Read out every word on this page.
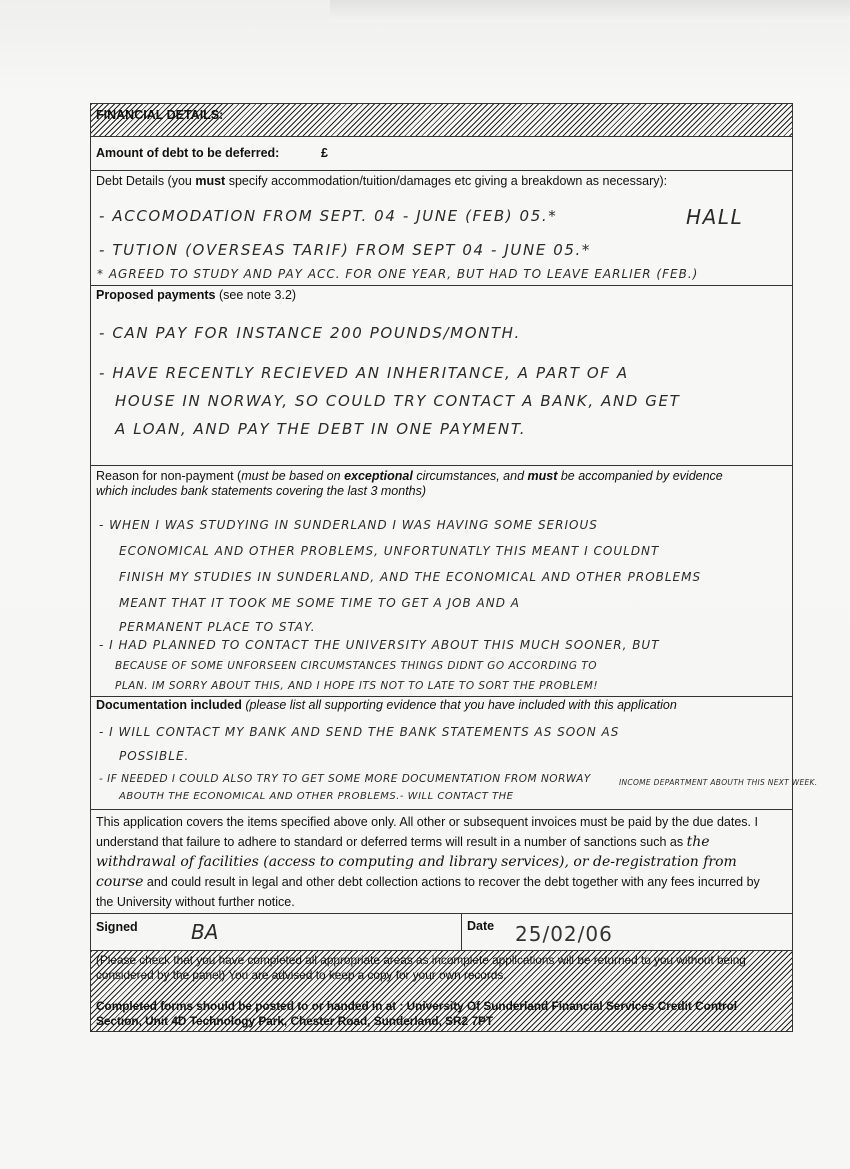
FINANCIAL DETAILS:
Amount of debt to be deferred:	£
Debt Details (you must specify accommodation/tuition/damages etc giving a breakdown as necessary):
- ACCOMODATION FROM SEPT. 04 - JUNE (FEB) 05.*	HALL
- TUTION (OVERSEAS TARIF) FROM SEPT 04 - JUNE 05.*
* AGREED TO STUDY AND PAY ACC. FOR ONE YEAR, BUT HAD TO LEAVE EARLIER (FEB.)
Proposed payments (see note 3.2)
- CAN PAY FOR INSTANCE 200 POUNDS/MONTH.
- HAVE RECENTLY RECIEVED AN INHERITANCE, A PART OF A
HOUSE IN NORWAY, SO COULD TRY CONTACT A BANK, AND GET
A LOAN, AND PAY THE DEBT IN ONE PAYMENT.
Reason for non-payment (must be based on exceptional circumstances, and must be accompanied by evidence which includes bank statements covering the last 3 months)
- WHEN I WAS STUDYING IN SUNDERLAND I WAS HAVING SOME SERIOUS
ECONOMICAL AND OTHER PROBLEMS, UNFORTUNATLY THIS MEANT I COULDNT
FINISH MY STUDIES IN SUNDERLAND, AND THE ECONOMICAL AND OTHER PROBLEMS
MEANT THAT IT TOOK ME SOME TIME TO GET A JOB AND A
PERMANENT PLACE TO STAY.
- I HAD PLANNED TO CONTACT THE UNIVERSITY ABOUT THIS MUCH SOONER, BUT
BECAUSE OF SOME UNFORSEEN CIRCUMSTANCES THINGS DIDNT GO ACCORDING TO
PLAN. IM SORRY ABOUT THIS, AND I HOPE ITS NOT TO LATE TO SORT THE PROBLEM!
Documentation included (please list all supporting evidence that you have included with this application
- I WILL CONTACT MY BANK AND SEND THE BANK STATEMENTS AS SOON AS
POSSIBLE.
- IF NEEDED I COULD ALSO TRY TO GET SOME MORE DOCUMENTATION FROM NORWAY
ABOUTH THE ECONOMICAL AND OTHER PROBLEMS.- WILL CONTACT THE
INCOME DEPARTMENT ABOUTH THIS NEXT WEEK.
This application covers the items specified above only. All other or subsequent invoices must be paid by the due dates. I understand that failure to adhere to standard or deferred terms will result in a number of sanctions such as the withdrawal of facilities (access to computing and library services), or de-registration from course and could result in legal and other debt collection actions to recover the debt together with any fees incurred by the University without further notice.
Signed	BA	Date 25/02/06
(Please check that you have completed all appropriate areas as incomplete applications will be returned to you without being considered by the panel) You are advised to keep a copy for your own records.
Completed forms should be posted to or handed in at : University Of Sunderland Financial Services Credit Control Section, Unit 4D Technology Park, Chester Road, Sunderland, SR2 7PT
